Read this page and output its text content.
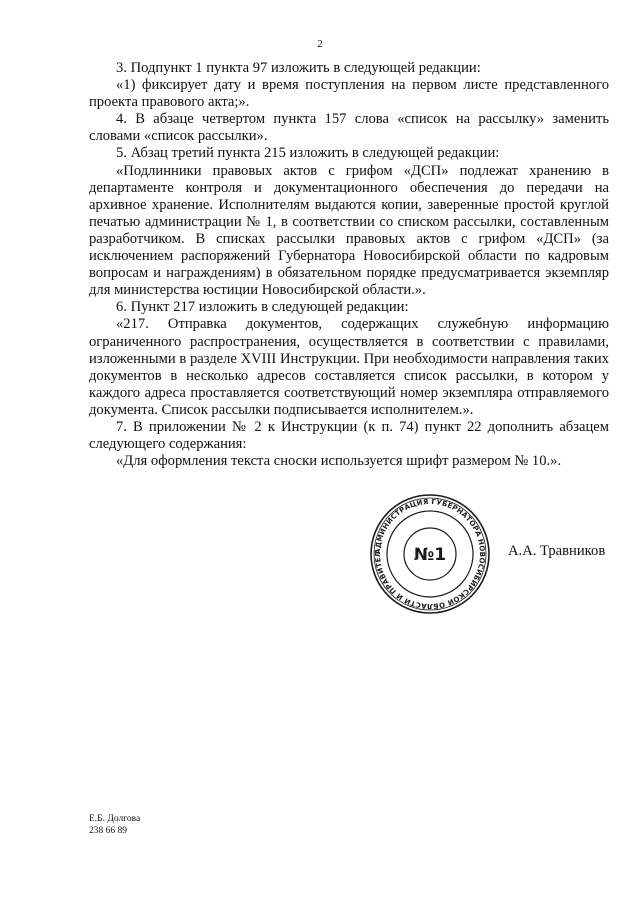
2

3. Подпункт 1 пункта 97 изложить в следующей редакции:

«1) фиксирует дату и время поступления на первом листе представленного проекта правового акта;».

4. В абзаце четвертом пункта 157 слова «список на рассылку» заменить словами «список рассылки».

5. Абзац третий пункта 215 изложить в следующей редакции:

«Подлинники правовых актов с грифом «ДСП» подлежат хранению в департаменте контроля и документационного обеспечения до передачи на архивное хранение. Исполнителям выдаются копии, заверенные простой круглой печатью администрации № 1, в соответствии со списком рассылки, составленным разработчиком. В списках рассылки правовых актов с грифом «ДСП» (за исключением распоряжений Губернатора Новосибирской области по кадровым вопросам и награждениям) в обязательном порядке предусматривается экземпляр для министерства юстиции Новосибирской области.».

6. Пункт 217 изложить в следующей редакции:

«217. Отправка документов, содержащих служебную информацию ограниченного распространения, осуществляется в соответствии с правилами, изложенными в разделе XVIII Инструкции. При необходимости направления таких документов в несколько адресов составляется список рассылки, в котором у каждого адреса проставляется соответствующий номер экземпляра отправляемого документа. Список рассылки подписывается исполнителем.».

7. В приложении № 2 к Инструкции (к п. 74) пункт 22 дополнить абзацем следующего содержания:

«Для оформления текста сноски используется шрифт размером № 10.».

АДМИНИСТРАЦИЯ ГУБЕРНАТОРА НОВОСИБИРСКОЙ ОБЛАСТИ И ПРАВИТЕЛ	№1	А.А. Травников
Е.Б. Долгова
238 66 89
